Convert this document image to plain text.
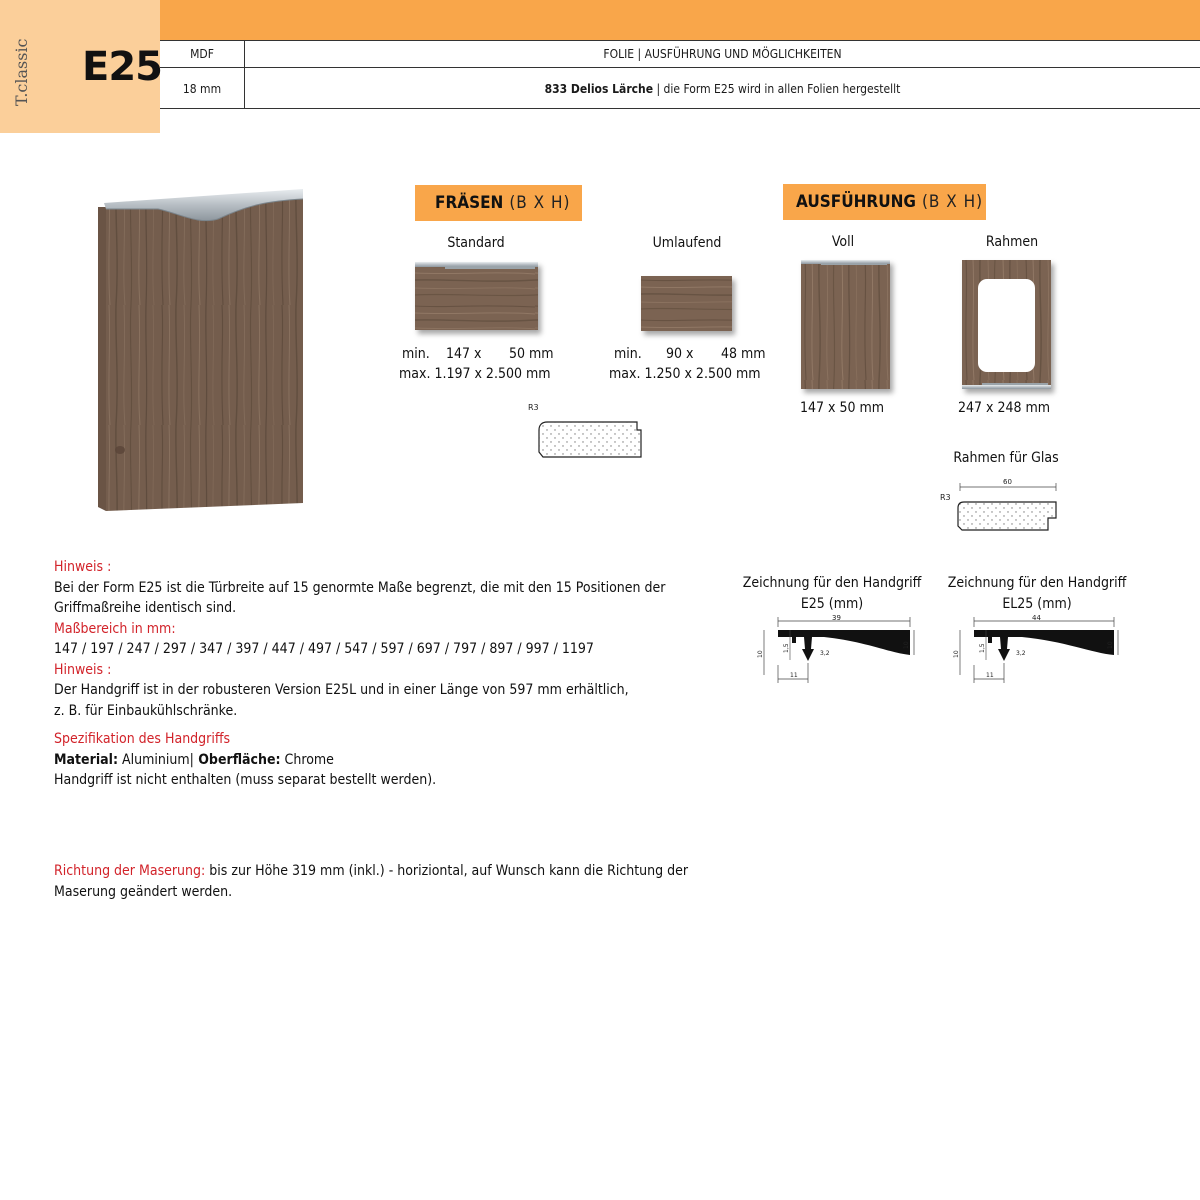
T.classic E25	MDF	FOLIE | AUSFÜHRUNG UND MÖGLICHKEITEN
18 mm	833 Delios Lärche | die Form E25 wird in allen Folien hergestellt
FRÄSEN (B X H)
Standard
min. 147 x 50 mm
max. 1.197 x 2.500 mm
Umlaufend
min. 90 x 48 mm
max. 1.250 x 2.500 mm
R3
AUSFÜHRUNG (B X H)
Voll
147 x 50 mm
Rahmen
247 x 248 mm
Rahmen für Glas
R3
60
Zeichnung für den Handgriff
E25 (mm)
39
10
1,5
3,2
11
10
Zeichnung für den Handgriff
EL25 (mm)
44
10
1,5
3,2
11
10

Hinweis :

Bei der Form E25 ist die Türbreite auf 15 genormte Maße begrenzt, die mit den 15 Positionen der Griffmaßreihe identisch sind.

Maßbereich in mm:

147 / 197 / 247 / 297 / 347 / 397 / 447 / 497 / 547 / 597 / 697 / 797 / 897 / 997 / 1197

Hinweis :

Der Handgriff ist in der robusteren Version E25L und in einer Länge von 597 mm erhältlich,

z. B. für Einbaukühlschränke.

Spezifikation des Handgriffs

Material: Aluminium| Oberfläche: Chrome

Handgriff ist nicht enthalten (muss separat bestellt werden).

Richtung der Maserung: bis zur Höhe 319 mm (inkl.) - horiziontal, auf Wunsch kann die Richtung der Maserung geändert werden.
